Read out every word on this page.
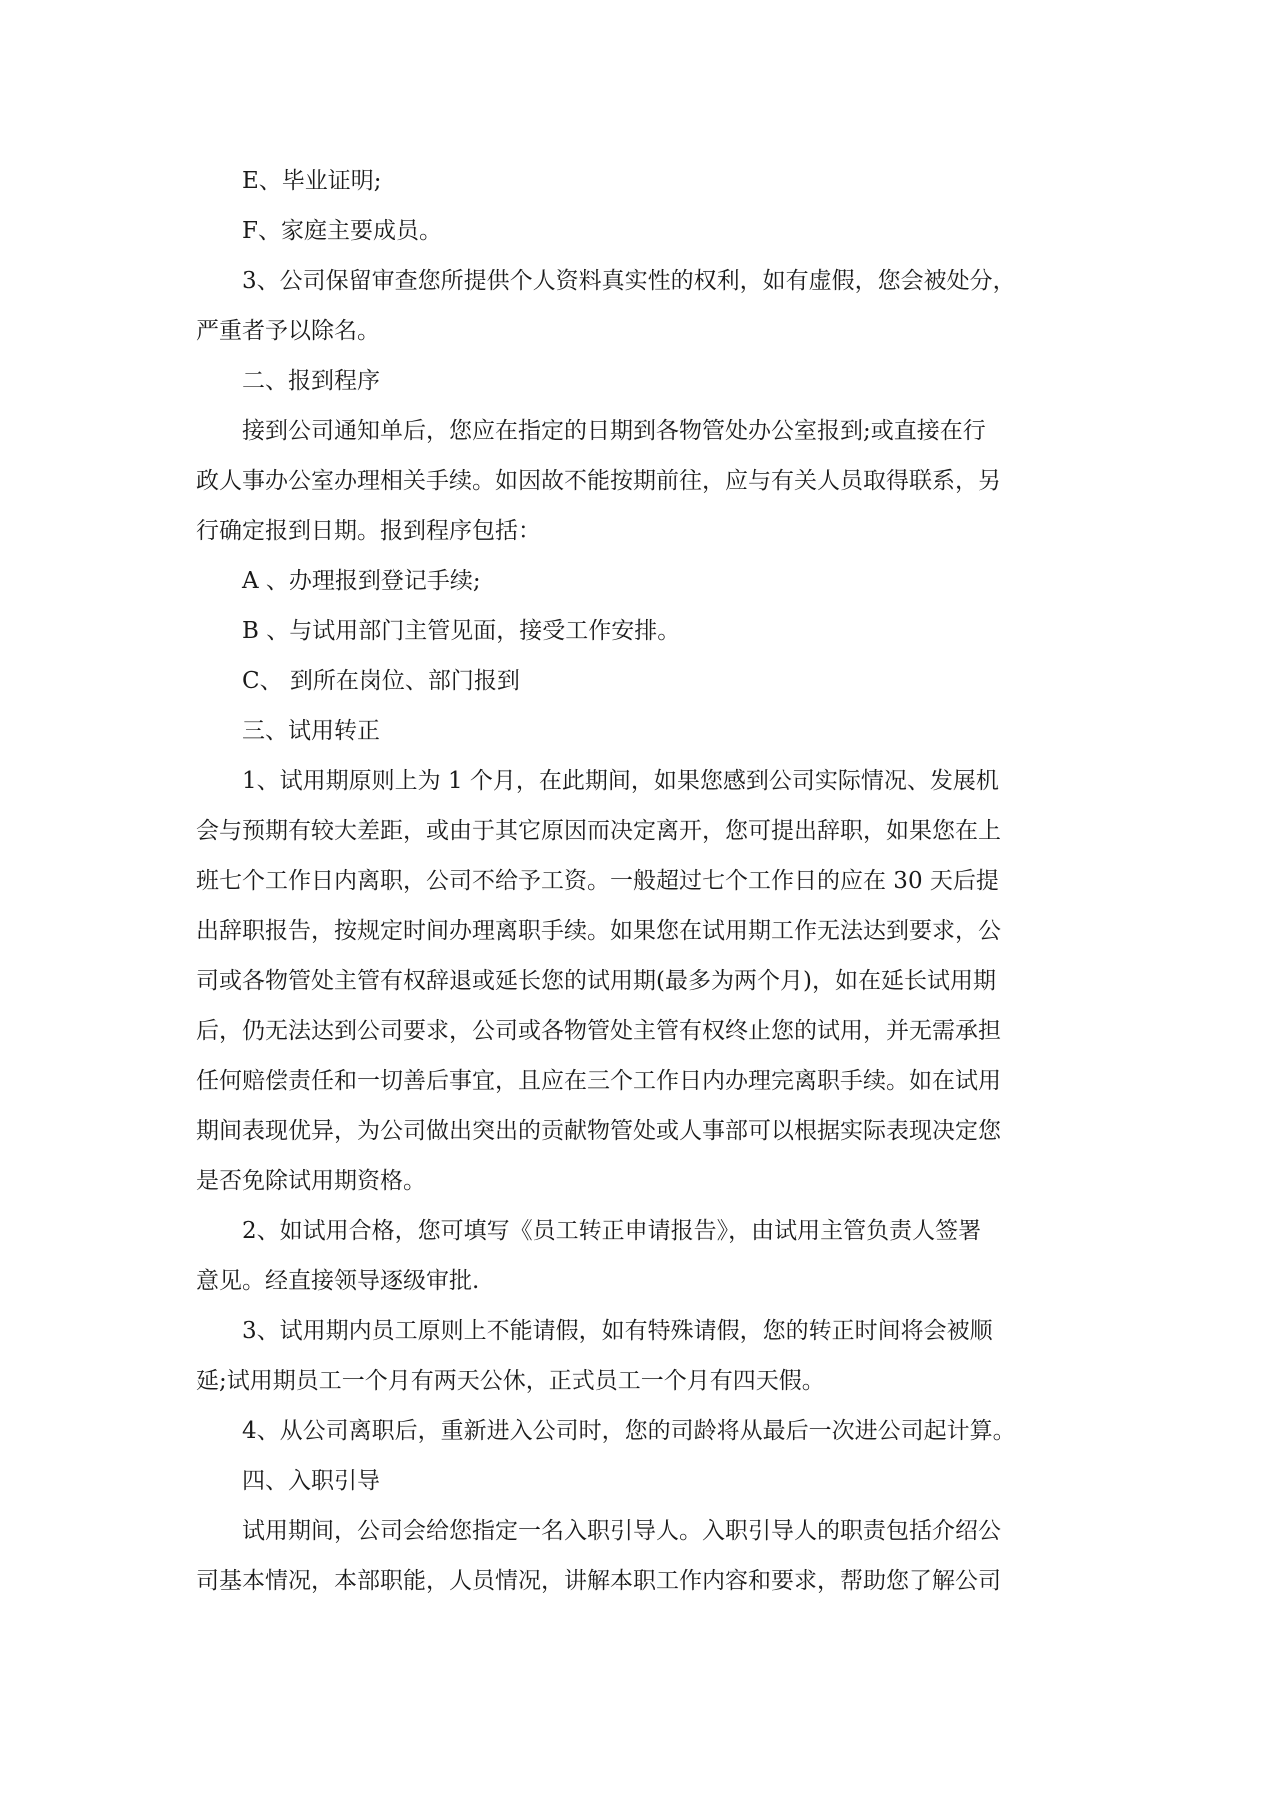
E、毕业证明;
F、家庭主要成员。
3、公司保留审查您所提供个人资料真实性的权利，如有虚假，您会被处分，
严重者予以除名。
二、报到程序
接到公司通知单后，您应在指定的日期到各物管处办公室报到;或直接在行
政人事办公室办理相关手续。如因故不能按期前往，应与有关人员取得联系，另
行确定报到日期。报到程序包括：
A 、办理报到登记手续;
B 、与试用部门主管见面，接受工作安排。
C、 到所在岗位、部门报到
三、试用转正
1、试用期原则上为 1 个月，在此期间，如果您感到公司实际情况、发展机
会与预期有较大差距，或由于其它原因而决定离开，您可提出辞职，如果您在上
班七个工作日内离职，公司不给予工资。一般超过七个工作日的应在 30 天后提
出辞职报告，按规定时间办理离职手续。如果您在试用期工作无法达到要求，公
司或各物管处主管有权辞退或延长您的试用期(最多为两个月)，如在延长试用期
后，仍无法达到公司要求，公司或各物管处主管有权终止您的试用，并无需承担
任何赔偿责任和一切善后事宜，且应在三个工作日内办理完离职手续。如在试用
期间表现优异，为公司做出突出的贡献物管处或人事部可以根据实际表现决定您
是否免除试用期资格。
2、如试用合格，您可填写《员工转正申请报告》，由试用主管负责人签署
意见。经直接领导逐级审批.
3、试用期内员工原则上不能请假，如有特殊请假，您的转正时间将会被顺
延;试用期员工一个月有两天公休，正式员工一个月有四天假。
4、从公司离职后，重新进入公司时，您的司龄将从最后一次进公司起计算。
四、入职引导
试用期间，公司会给您指定一名入职引导人。入职引导人的职责包括介绍公
司基本情况，本部职能，人员情况，讲解本职工作内容和要求，帮助您了解公司
